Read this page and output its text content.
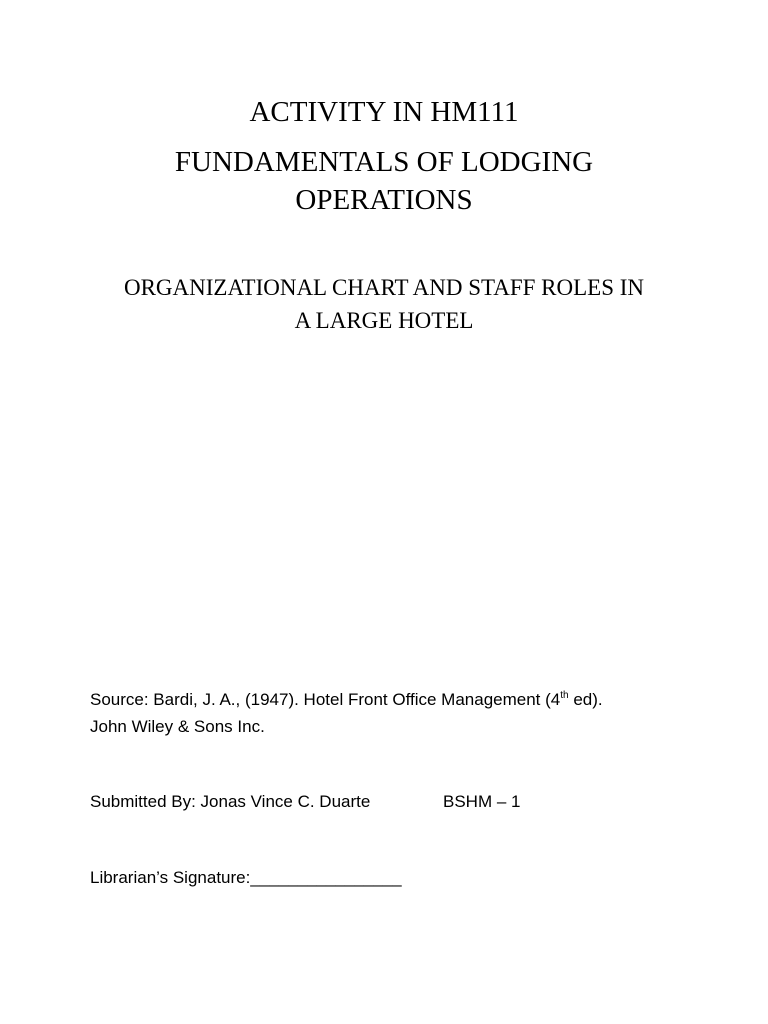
ACTIVITY IN HM111
FUNDAMENTALS OF LODGING
OPERATIONS
ORGANIZATIONAL CHART AND STAFF ROLES IN
A LARGE HOTEL
Source: Bardi, J. A., (1947). Hotel Front Office Management (4th ed).
John Wiley & Sons Inc.
Submitted By: Jonas Vince C. Duarte	BSHM – 1
Librarian’s Signature:________________
